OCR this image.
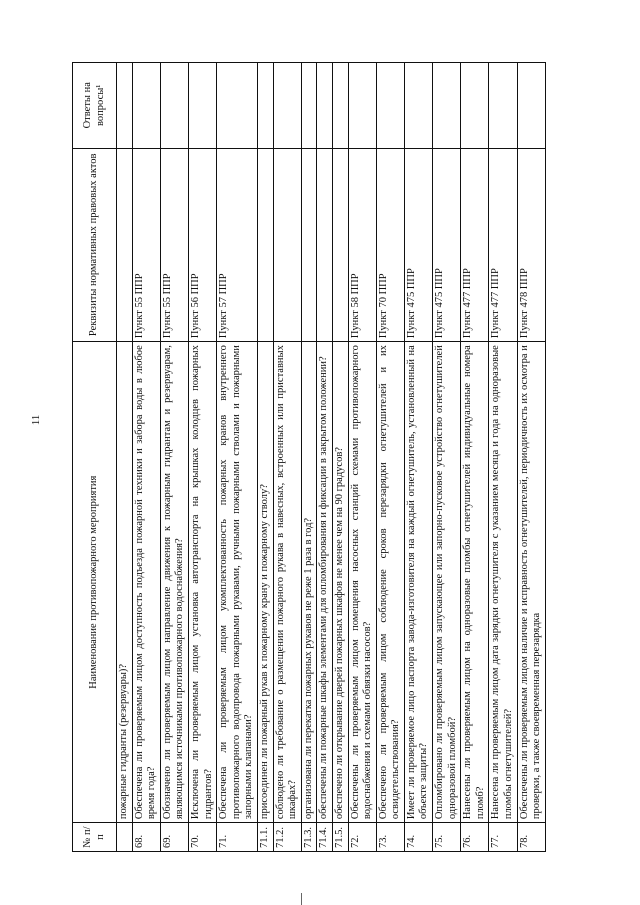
11
№ п/п	Наименование противопожарного мероприятия	Реквизиты нормативных правовых актов	Ответы на вопросы¹
	пожарные гидранты (резервуары)?		
68.	Обеспечена ли проверяемым лицом доступность подъезда пожарной техники и забора воды в любое время года?	Пункт 55 ППР	
69.	Обозначено ли проверяемым лицом направление движения к пожарным гидрантам и резервуарам, являющимся источниками противопожарного водоснабжения?	Пункт 55 ППР	
70.	Исключена ли проверяемым лицом установка автотранспорта на крышках колодцев пожарных гидрантов?	Пункт 56 ППР	
71.	Обеспечена ли проверяемым лицом укомплектованность пожарных кранов внутреннего противопожарного водопровода пожарными рукавами, ручными пожарными стволами и пожарными запорными клапанами?	Пункт 57 ППР	
71.1.	присоединен ли пожарный рукав к пожарному крану и пожарному стволу?		
71.2.	соблюдено ли требование о размещении пожарного рукава в навесных, встроенных или приставных шкафах?		
71.3.	организована ли перекатка пожарных рукавов не реже 1 раза в год?		
71.4.	обеспечены ли пожарные шкафы элементами для опломбирования и фиксации в закрытом положении?		
71.5.	обеспечено ли открывание дверей пожарных шкафов не менее чем на 90 градусов?		
72.	Обеспечены ли проверяемым лицом помещения насосных станций схемами противопожарного водоснабжения и схемами обвязки насосов?	Пункт 58 ППР	
73.	Обеспечено ли проверяемым лицом соблюдение сроков перезарядки огнетушителей и их освидетельствования?	Пункт 70 ППР	
74.	Имеет ли проверяемое лицо паспорта завода-изготовителя на каждый огнетушитель, установленный на объекте защиты?	Пункт 475 ППР	
75.	Опломбировано ли проверяемым лицом запускающее или запорно-пусковое устройство огнетушителей одноразовой пломбой?	Пункт 475 ППР	
76.	Нанесены ли проверяемым лицом на одноразовые пломбы огнетушителей индивидуальные номера пломб?	Пункт 477 ППР	
77.	Нанесена ли проверяемым лицом дата зарядки огнетушителя с указанием месяца и года на одноразовые пломбы огнетушителей?	Пункт 477 ППР	
78.	Обеспечены ли проверяемым лицом наличие и исправность огнетушителей, периодичность их осмотра и проверки, а также своевременная перезарядка	Пункт 478 ППР	
